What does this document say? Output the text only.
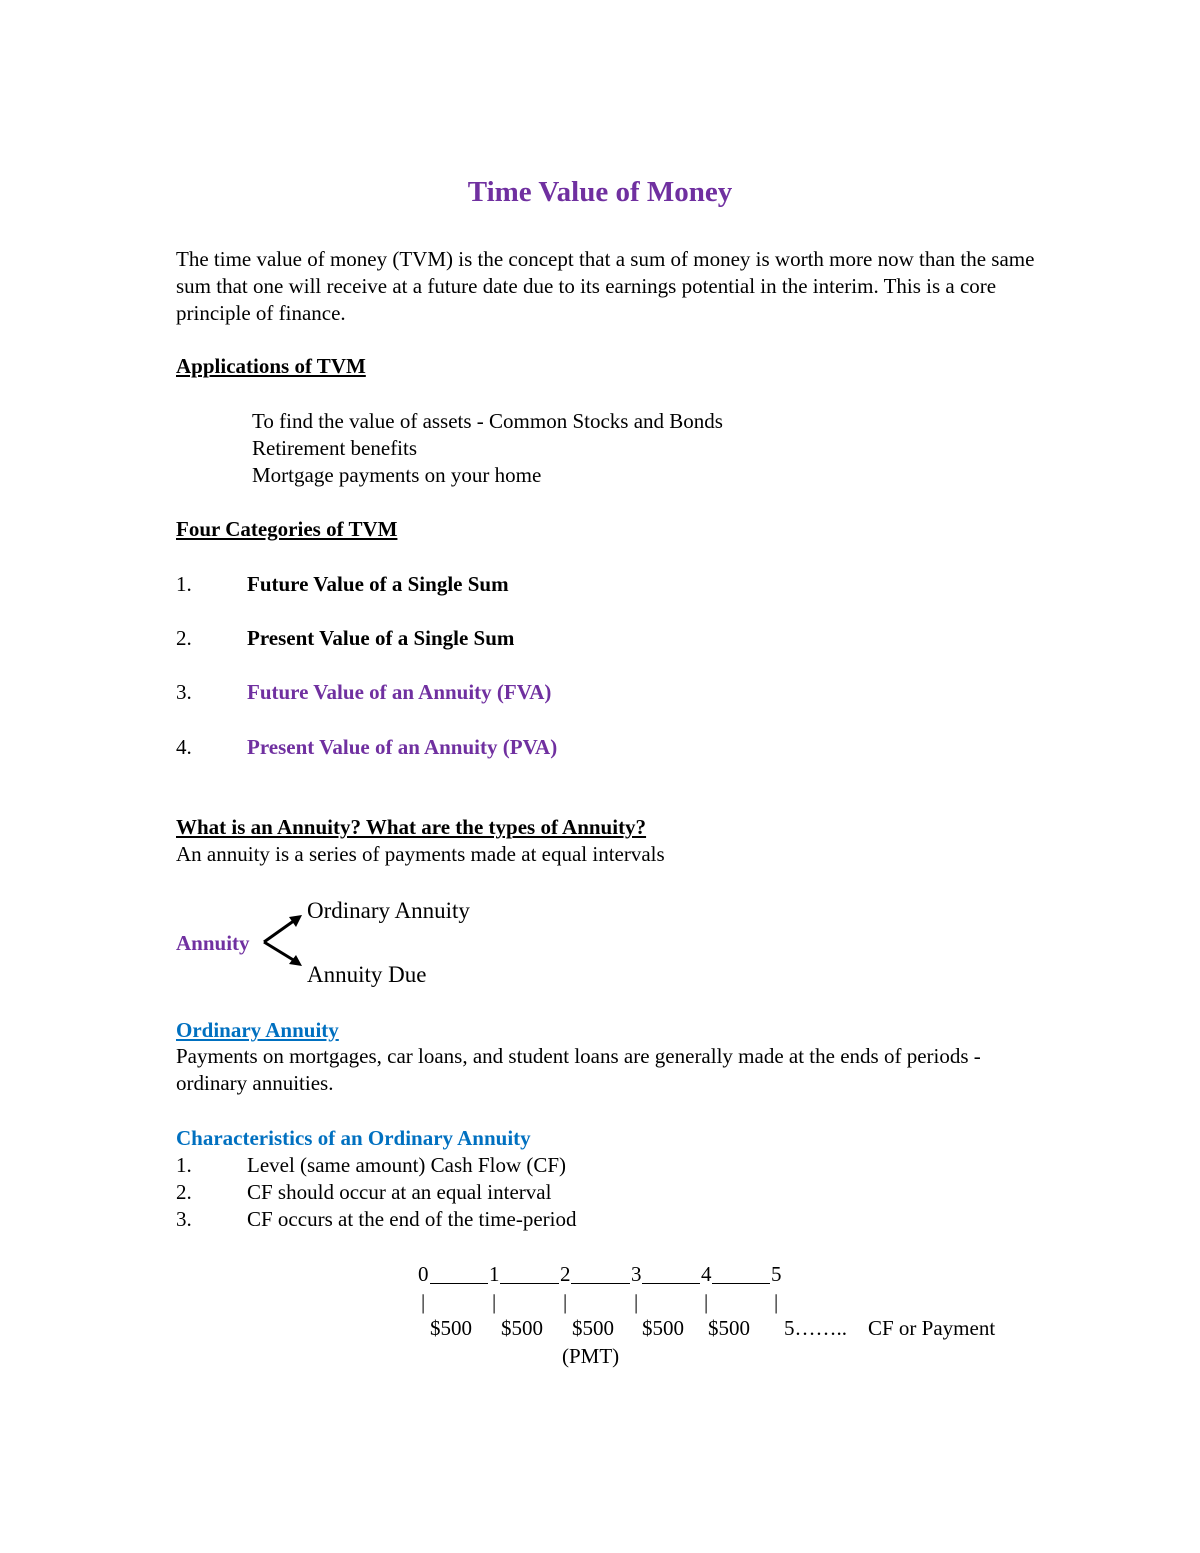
Time Value of Money
The time value of money (TVM) is the concept that a sum of money is worth more now than the same sum that one will receive at a future date due to its earnings potential in the interim. This is a core principle of finance.
Applications of TVM
To find the value of assets - Common Stocks and Bonds
Retirement benefits
Mortgage payments on your home
Four Categories of TVM
1.	Future Value of a Single Sum
2.	Present Value of a Single Sum
3.	Future Value of an Annuity (FVA)
4.	Present Value of an Annuity (PVA)
What is an Annuity? What are the types of Annuity?
An annuity is a series of payments made at equal intervals
Annuity
Ordinary Annuity
Annuity Due
Ordinary Annuity
Payments on mortgages, car loans, and student loans are generally made at the ends of periods - ordinary annuities.
Characteristics of an Ordinary Annuity
1.	Level (same amount) Cash Flow (CF)
2.	CF should occur at an equal interval
3.	CF occurs at the end of the time-period
0	1	2	3	4	5
|	|	|	|	|	|
$500 $500 $500 $500 $500 5…….. CF or Payment
(PMT)
